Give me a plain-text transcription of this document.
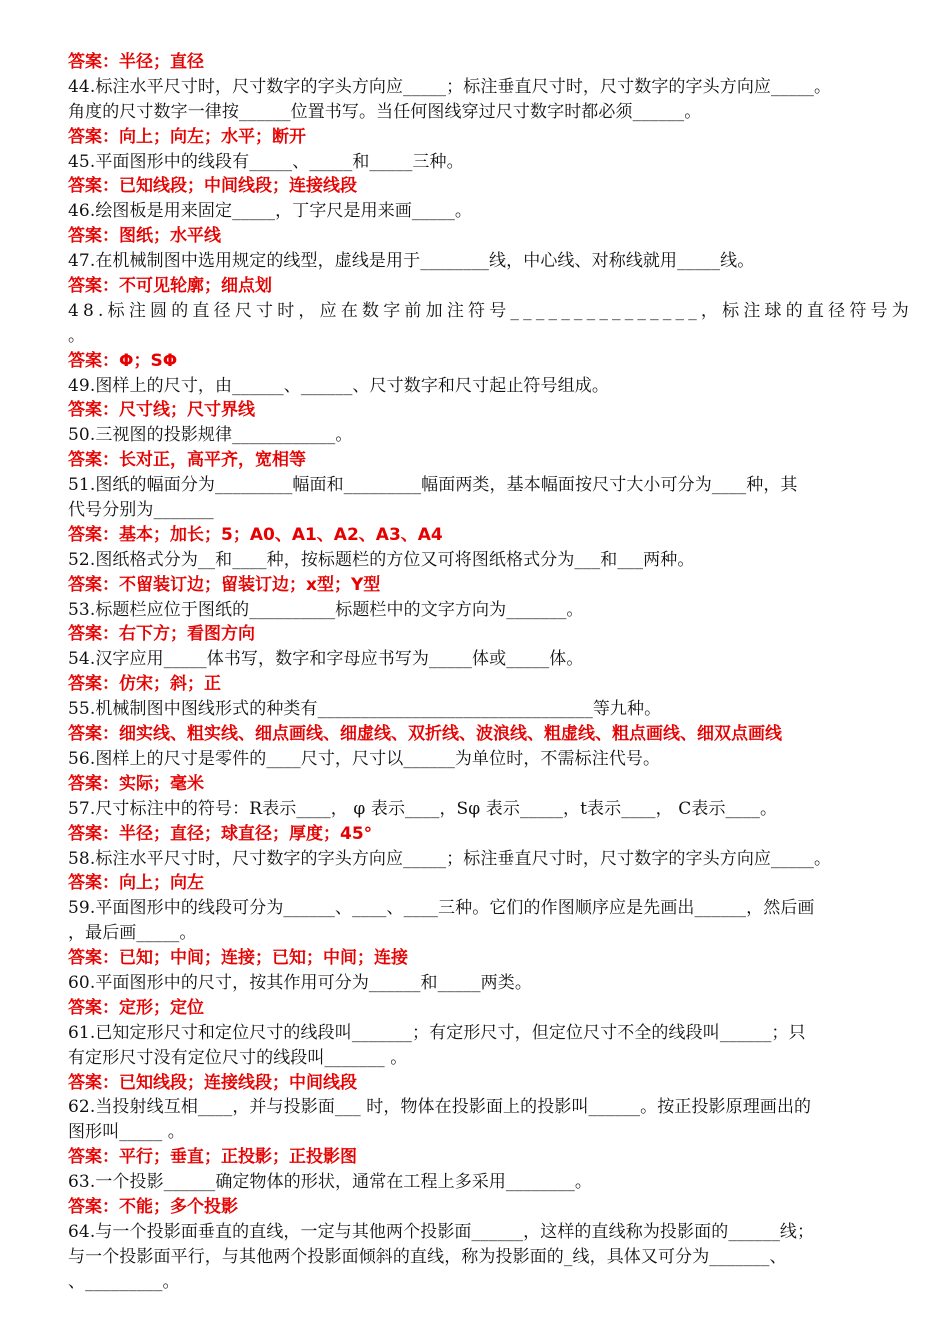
答案：半径；直径
44.标注水平尺寸时，尺寸数字的字头方向应_____；标注垂直尺寸时，尺寸数字的字头方向应_____。
角度的尺寸数字一律按______位置书写。当任何图线穿过尺寸数字时都必须______。
答案：向上；向左；水平；断开
45.平面图形中的线段有_____、_____和_____三种。
答案：已知线段；中间线段；连接线段
46.绘图板是用来固定_____，丁字尺是用来画_____。
答案：图纸；水平线
47.在机械制图中选用规定的线型，虚线是用于________线，中心线、对称线就用_____线。
答案：不可见轮廓；细点划
48.标注圆的直径尺寸时，应在数字前加注符号_______________，标注球的直径符号为
。
答案：Φ；SΦ
49.图样上的尺寸，由______、______、尺寸数字和尺寸起止符号组成。
答案：尺寸线；尺寸界线
50.三视图的投影规律____________。
答案：长对正，高平齐，宽相等
51.图纸的幅面分为_________幅面和_________幅面两类，基本幅面按尺寸大小可分为____种，其
代号分别为_______
答案：基本；加长；5；A0、A1、A2、A3、A4
52.图纸格式分为__和____种，按标题栏的方位又可将图纸格式分为___和___两种。
答案：不留装订边；留装订边；x型；Y型
53.标题栏应位于图纸的__________标题栏中的文字方向为_______。
答案：右下方；看图方向
54.汉字应用_____体书写，数字和字母应书写为_____体或_____体。
答案：仿宋；斜；正
55.机械制图中图线形式的种类有________________________________等九种。
答案：细实线、粗实线、细点画线、细虚线、双折线、波浪线、粗虚线、粗点画线、细双点画线
56.图样上的尺寸是零件的____尺寸，尺寸以______为单位时，不需标注代号。
答案：实际；毫米
57.尺寸标注中的符号：R表示____， φ 表示____，Sφ 表示_____，t表示____， C表示____。
答案：半径；直径；球直径；厚度；45°
58.标注水平尺寸时，尺寸数字的字头方向应_____；标注垂直尺寸时，尺寸数字的字头方向应_____。
答案：向上；向左
59.平面图形中的线段可分为______、____、____三种。它们的作图顺序应是先画出______，然后画
，最后画_____。
答案：已知；中间；连接；已知；中间；连接
60.平面图形中的尺寸，按其作用可分为______和_____两类。
答案：定形；定位
61.已知定形尺寸和定位尺寸的线段叫_______；有定形尺寸，但定位尺寸不全的线段叫______；只
有定形尺寸没有定位尺寸的线段叫_______ 。
答案：已知线段；连接线段；中间线段
62.当投射线互相____，并与投影面___ 时，物体在投影面上的投影叫______。按正投影原理画出的
图形叫_____ 。
答案：平行；垂直；正投影；正投影图
63.一个投影______确定物体的形状，通常在工程上多采用________。
答案：不能；多个投影
64.与一个投影面垂直的直线，一定与其他两个投影面______，这样的直线称为投影面的______线；
与一个投影面平行，与其他两个投影面倾斜的直线，称为投影面的_线，具体又可分为_______、
、_________。
